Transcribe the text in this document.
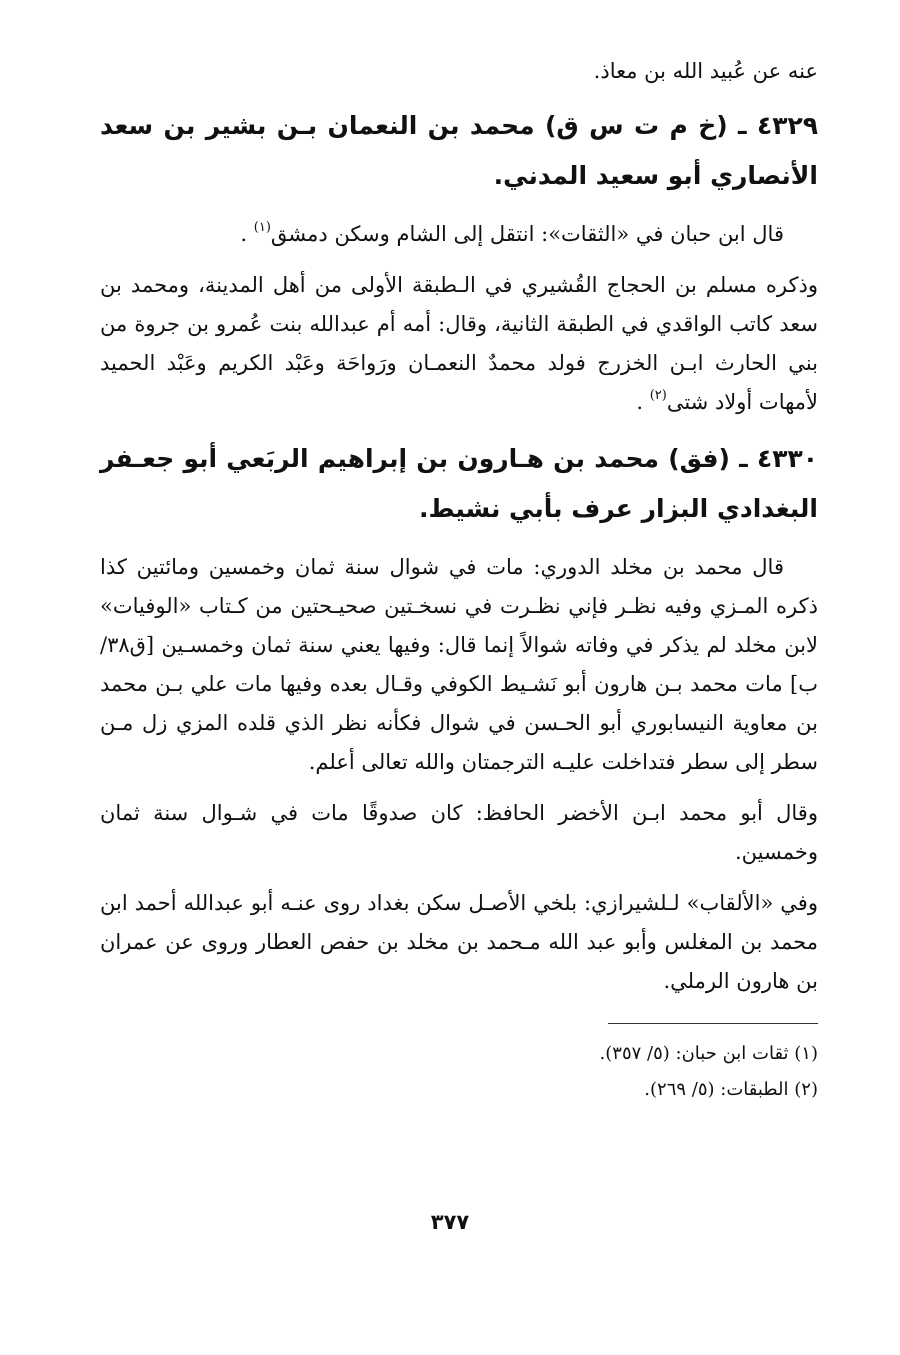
عنه عن عُبيد الله بن معاذ.

٤٣٢٩ ـ (خ م ت س ق) محمد بن النعمان بـن بشير بن سعد الأنصاري أبو سعيد المدني.

قال ابن حبان في «الثقات»: انتقل إلى الشام وسكن دمشق$^{(١)}$ .

وذكره مسلم بن الحجاج القُشيري في الـطبقة الأولى من أهل المدينة، ومحمد بن سعد كاتب الواقدي في الطبقة الثانية، وقال: أمه أم عبدالله بنت عُمرو بن جروة من بني الحارث ابـن الخزرج فولد محمدٌ النعمـان ورَواحَة وعَبْد الكريم وعَبْد الحميد لأمهات أولاد شتى$^{(٢)}$ .

٤٣٣٠ ـ (فق) محمد بن هـارون بن إبراهيم الربَعي أبو جعـفر البغدادي البزار عرف بأبي نشيط.

قال محمد بن مخلد الدوري: مات في شوال سنة ثمان وخمسين ومائتين كذا ذكره المـزي وفيه نظـر فإني نظـرت في نسخـتين صحيـحتين من كـتاب «الوفيات» لابن مخلد لم يذكر في وفاته شوالاً إنما قال: وفيها يعني سنة ثمان وخمسـين [ق٣٨/ب] مات محمد بـن هارون أبو نَشـيط الكوفي وقـال بعده وفيها مات علي بـن محمد بن معاوية النيسابوري أبو الحـسن في شوال فكأنه نظر الذي قلده المزي زل مـن سطر إلى سطر فتداخلت عليـه الترجمتان والله تعالى أعلم.

وقال أبو محمد ابـن الأخضر الحافظ: كان صدوقًا مات في شـوال سنة ثمان وخمسين.

وفي «الألقاب» لـلشيرازي: بلخي الأصـل سكن بغداد روى عنـه أبو عبدالله أحمد ابن محمد بن المغلس وأبو عبد الله مـحمد بن مخلد بن حفص العطار وروى عن عمران بن هارون الرملي.

(١) ثقات ابن حبان: (٥/ ٣٥٧).

(٢) الطبقات: (٥/ ٢٦٩).

٣٧٧
